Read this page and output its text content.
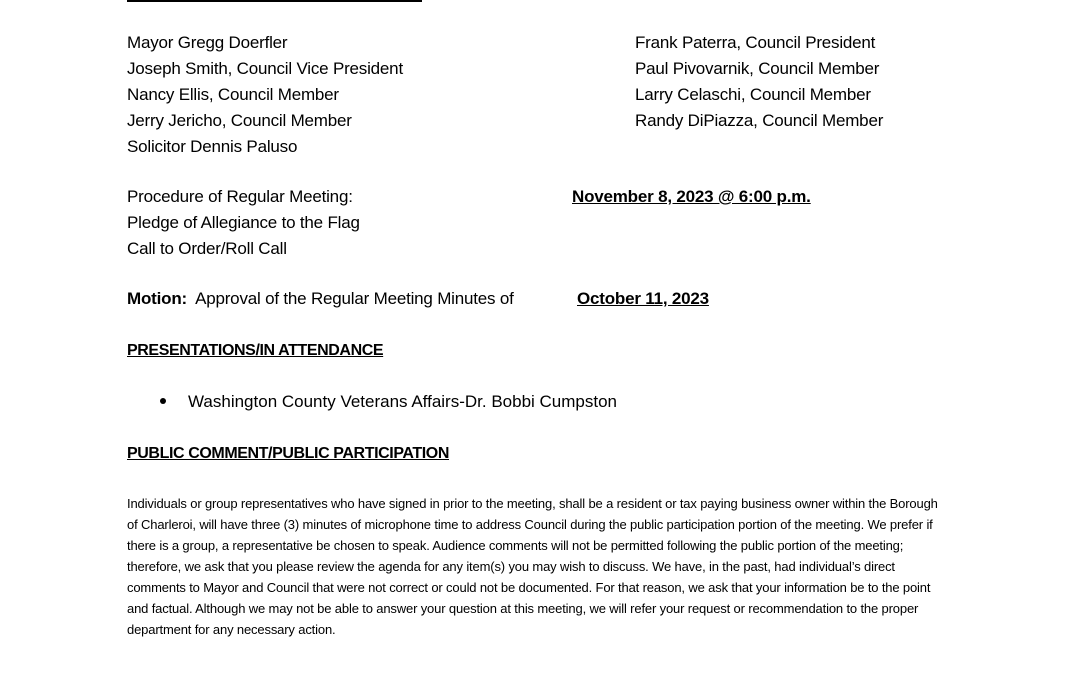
Mayor Gregg Doerfler
Joseph Smith, Council Vice President
Nancy Ellis, Council Member
Jerry Jericho, Council Member
Solicitor Dennis Paluso
Frank Paterra, Council President
Paul Pivovarnik, Council Member
Larry Celaschi, Council Member
Randy DiPiazza, Council Member
Procedure of Regular Meeting:	November 8, 2023 @ 6:00 p.m.
Pledge of Allegiance to the Flag
Call to Order/Roll Call
Motion: Approval of the Regular Meeting Minutes of	October 11, 2023
PRESENTATIONS/IN ATTENDANCE
Washington County Veterans Affairs-Dr. Bobbi Cumpston
PUBLIC COMMENT/PUBLIC PARTICIPATION
Individuals or group representatives who have signed in prior to the meeting, shall be a resident or tax paying business owner within the Borough of Charleroi, will have three (3) minutes of microphone time to address Council during the public participation portion of the meeting. We prefer if there is a group, a representative be chosen to speak. Audience comments will not be permitted following the public portion of the meeting; therefore, we ask that you please review the agenda for any item(s) you may wish to discuss. We have, in the past, had individual’s direct comments to Mayor and Council that were not correct or could not be documented. For that reason, we ask that your information be to the point and factual. Although we may not be able to answer your question at this meeting, we will refer your request or recommendation to the proper department for any necessary action.
